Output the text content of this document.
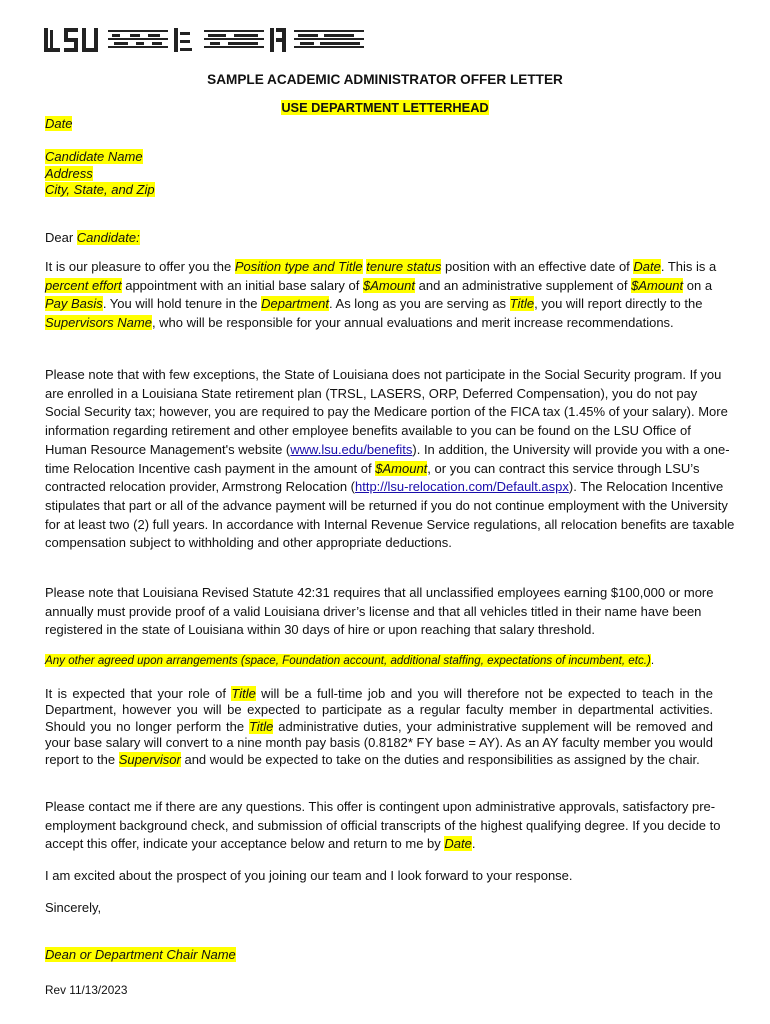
SAMPLE ACADEMIC ADMINISTRATOR OFFER LETTER
USE DEPARTMENT LETTERHEAD
Date
Candidate Name
Address
City, State, and Zip
Dear Candidate:
It is our pleasure to offer you the Position type and Title tenure status position with an effective date of Date. This is a percent effort appointment with an initial base salary of $Amount and an administrative supplement of $Amount on a Pay Basis. You will hold tenure in the Department. As long as you are serving as Title, you will report directly to the Supervisors Name, who will be responsible for your annual evaluations and merit increase recommendations.
Please note that with few exceptions, the State of Louisiana does not participate in the Social Security program. If you are enrolled in a Louisiana State retirement plan (TRSL, LASERS, ORP, Deferred Compensation), you do not pay Social Security tax; however, you are required to pay the Medicare portion of the FICA tax (1.45% of your salary). More information regarding retirement and other employee benefits available to you can be found on the LSU Office of Human Resource Management's website (www.lsu.edu/benefits). In addition, the University will provide you with a one-time Relocation Incentive cash payment in the amount of $Amount, or you can contract this service through LSU’s contracted relocation provider, Armstrong Relocation (http://lsu-relocation.com/Default.aspx). The Relocation Incentive stipulates that part or all of the advance payment will be returned if you do not continue employment with the University for at least two (2) full years. In accordance with Internal Revenue Service regulations, all relocation benefits are taxable compensation subject to withholding and other appropriate deductions.
Please note that Louisiana Revised Statute 42:31 requires that all unclassified employees earning $100,000 or more annually must provide proof of a valid Louisiana driver’s license and that all vehicles titled in their name have been registered in the state of Louisiana within 30 days of hire or upon reaching that salary threshold.
Any other agreed upon arrangements (space, Foundation account, additional staffing, expectations of incumbent, etc.).
It is expected that your role of Title will be a full-time job and you will therefore not be expected to teach in the Department, however you will be expected to participate as a regular faculty member in departmental activities. Should you no longer perform the Title administrative duties, your administrative supplement will be removed and your base salary will convert to a nine month pay basis (0.8182* FY base = AY). As an AY faculty member you would report to the Supervisor and would be expected to take on the duties and responsibilities as assigned by the chair.
Please contact me if there are any questions. This offer is contingent upon administrative approvals, satisfactory pre-employment background check, and submission of official transcripts of the highest qualifying degree. If you decide to accept this offer, indicate your acceptance below and return to me by Date.
I am excited about the prospect of you joining our team and I look forward to your response.
Sincerely,
Dean or Department Chair Name
Rev 11/13/2023
